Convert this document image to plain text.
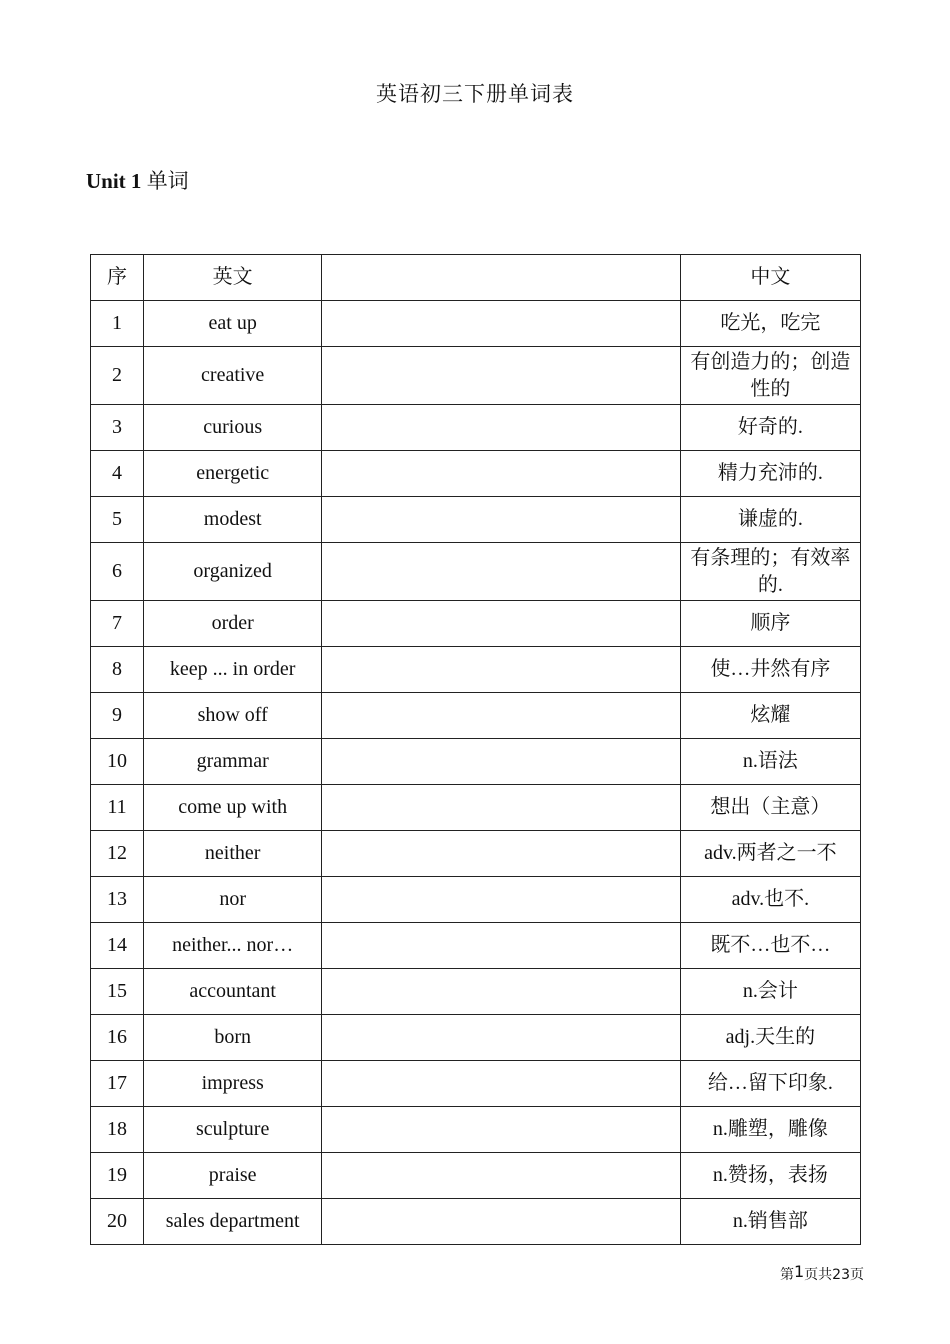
英语初三下册单词表
Unit 1 单词
序	英文		中文
1	eat up		吃光，吃完
2	creative		有创造力的；创造性的
3	curious		好奇的.
4	energetic		精力充沛的.
5	modest		谦虚的.
6	organized		有条理的；有效率的.
7	order		顺序
8	keep ... in order		使…井然有序
9	show off		炫耀
10	grammar		n.语法
11	come up with		想出（主意）
12	neither		adv.两者之一不
13	nor		adv.也不.
14	neither... nor…		既不…也不…
15	accountant		n.会计
16	born		adj.天生的
17	impress		给…留下印象.
18	sculpture		n.雕塑，雕像
19	praise		n.赞扬，表扬
20	sales department		n.销售部
第1页共23页
